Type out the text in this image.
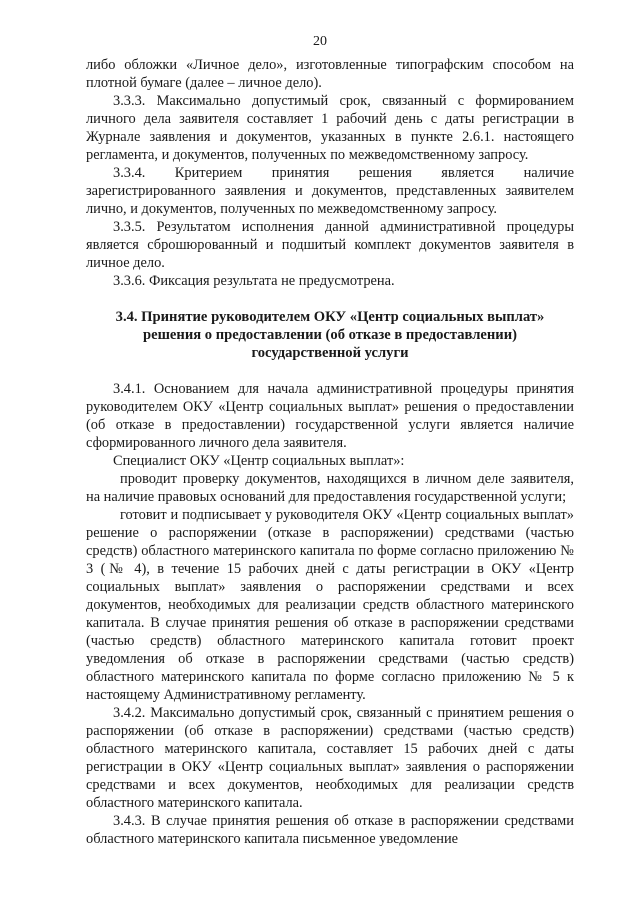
20

либо обложки «Личное дело», изготовленные типографским способом на плотной бумаге (далее – личное дело).

3.3.3. Максимально допустимый срок, связанный с формированием личного дела заявителя составляет 1 рабочий день с даты регистрации в Журнале заявления и документов, указанных в пункте 2.6.1. настоящего регламента, и документов, полученных по межведомственному запросу.

3.3.4. Критерием принятия решения является наличие зарегистрированного заявления и документов, представленных заявителем лично, и документов, полученных по межведомственному запросу.

3.3.5. Результатом исполнения данной административной процедуры является сброшюрованный и подшитый комплект документов заявителя в личное дело.

3.3.6. Фиксация результата не предусмотрена.

3.4. Принятие руководителем ОКУ «Центр социальных выплат»
решения о предоставлении (об отказе в предоставлении)
государственной услуги

3.4.1. Основанием для начала административной процедуры принятия руководителем ОКУ «Центр социальных выплат» решения о предоставлении (об отказе в предоставлении) государственной услуги является наличие сформированного личного дела заявителя.

Специалист ОКУ «Центр социальных выплат»:

проводит проверку документов, находящихся в личном деле заявителя, на наличие правовых оснований для предоставления государственной услуги;

готовит и подписывает у руководителя ОКУ «Центр социальных выплат» решение о распоряжении (отказе в распоряжении) средствами (частью средств) областного материнского капитала по форме согласно приложению № 3 (№ 4), в течение 15 рабочих дней с даты регистрации в ОКУ «Центр социальных выплат» заявления о распоряжении средствами и всех документов, необходимых для реализации средств областного материнского капитала. В случае принятия решения об отказе в распоряжении средствами (частью средств) областного материнского капитала готовит проект уведомления об отказе в распоряжении средствами (частью средств) областного материнского капитала по форме согласно приложению № 5 к настоящему Административному регламенту.

3.4.2. Максимально допустимый срок, связанный с принятием решения о распоряжении (об отказе в распоряжении) средствами (частью средств) областного материнского капитала, составляет 15 рабочих дней с даты регистрации в ОКУ «Центр социальных выплат» заявления о распоряжении средствами и всех документов, необходимых для реализации средств областного материнского капитала.

3.4.3. В случае принятия решения об отказе в распоряжении средствами областного материнского капитала письменное уведомление
